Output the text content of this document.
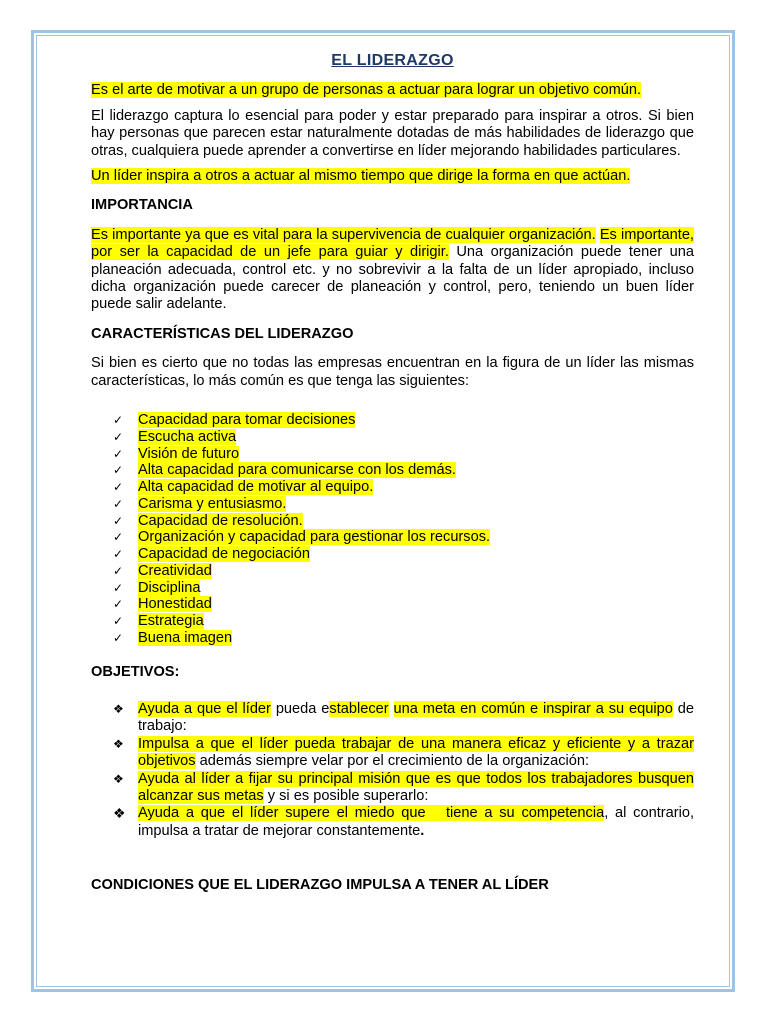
EL LIDERAZGO

Es el arte de motivar a un grupo de personas a actuar para lograr un objetivo común.

El liderazgo captura lo esencial para poder y estar preparado para inspirar a otros. Si bien hay personas que parecen estar naturalmente dotadas de más habilidades de liderazgo que otras, cualquiera puede aprender a convertirse en líder mejorando habilidades particulares.

Un líder inspira a otros a actuar al mismo tiempo que dirige la forma en que actúan.

IMPORTANCIA

Es importante ya que es vital para la supervivencia de cualquier organización. Es importante, por ser la capacidad de un jefe para guiar y dirigir. Una organización puede tener una planeación adecuada, control etc. y no sobrevivir a la falta de un líder apropiado, incluso dicha organización puede carecer de planeación y control, pero, teniendo un buen líder puede salir adelante.

CARACTERÍSTICAS DEL LIDERAZGO

Si bien es cierto que no todas las empresas encuentran en la figura de un líder las mismas características, lo más común es que tenga las siguientes:

✓ Capacidad para tomar decisiones
✓ Escucha activa
✓ Visión de futuro
✓ Alta capacidad para comunicarse con los demás.
✓ Alta capacidad de motivar al equipo.
✓ Carisma y entusiasmo.
✓ Capacidad de resolución.
✓ Organización y capacidad para gestionar los recursos.
✓ Capacidad de negociación
✓ Creatividad
✓ Disciplina
✓ Honestidad
✓ Estrategia
✓ Buena imagen
OBJETIVOS:
❖ Ayuda a que el líder pueda establecer una meta en común e inspirar a su equipo de trabajo:
❖ Impulsa a que el líder pueda trabajar de una manera eficaz y eficiente y a trazar objetivos además siempre velar por el crecimiento de la organización:
❖ Ayuda al líder a fijar su principal misión que es que todos los trabajadores busquen alcanzar sus metas y si es posible superarlo:
❖ Ayuda a que el líder supere el miedo que   tiene a su competencia, al contrario, impulsa a tratar de mejorar constantemente.
CONDICIONES QUE EL LIDERAZGO IMPULSA A TENER AL LÍDER
